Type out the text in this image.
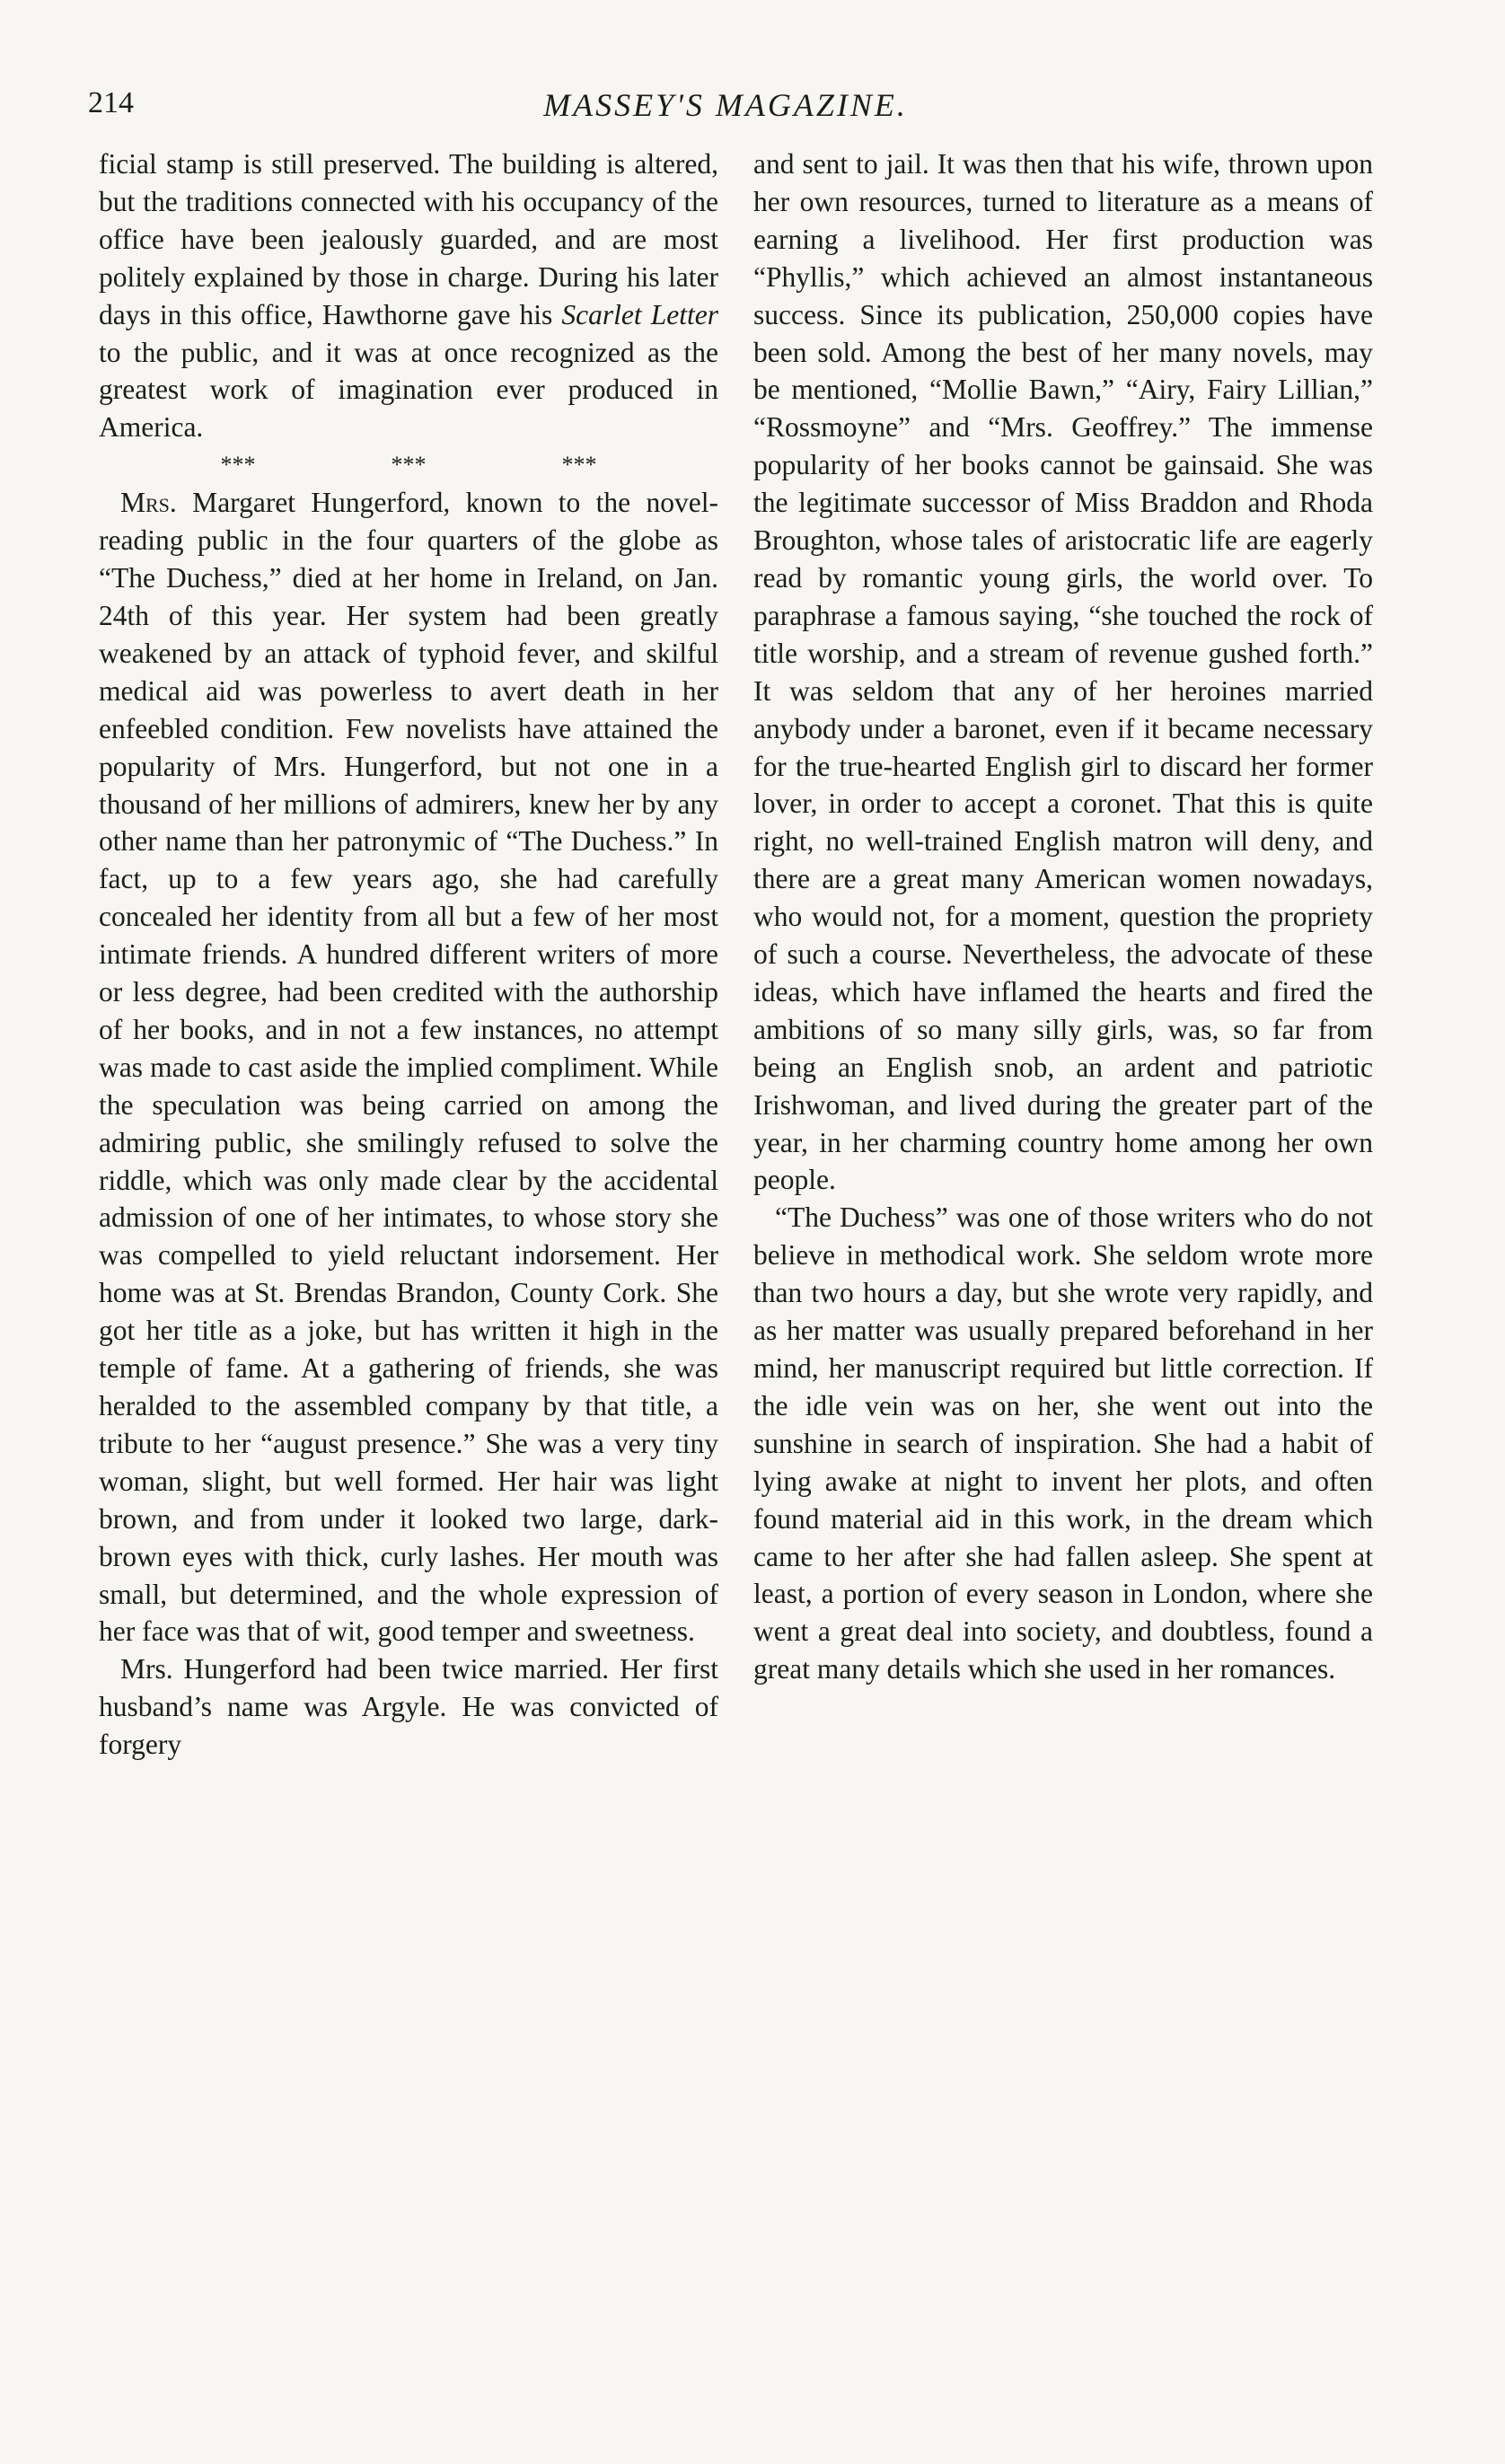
214	MASSEY'S MAGAZINE.

ficial stamp is still preserved. The building is altered, but the traditions connected with his occupancy of the office have been jealously guarded, and are most politely explained by those in charge. During his later days in this office, Hawthorne gave his Scarlet Letter to the public, and it was at once recognized as the greatest work of imagination ever produced in America.

***	***	***

Mrs. Margaret Hungerford, known to the novel-reading public in the four quarters of the globe as “The Duchess,” died at her home in Ireland, on Jan. 24th of this year. Her system had been greatly weakened by an attack of typhoid fever, and skilful medical aid was powerless to avert death in her enfeebled condition. Few novelists have attained the popularity of Mrs. Hungerford, but not one in a thousand of her millions of admirers, knew her by any other name than her patronymic of “The Duchess.” In fact, up to a few years ago, she had carefully concealed her identity from all but a few of her most intimate friends. A hundred different writers of more or less degree, had been credited with the authorship of her books, and in not a few instances, no attempt was made to cast aside the implied compliment. While the speculation was being carried on among the admiring public, she smilingly refused to solve the riddle, which was only made clear by the accidental admission of one of her intimates, to whose story she was compelled to yield reluctant indorsement. Her home was at St. Brendas Brandon, County Cork. She got her title as a joke, but has written it high in the temple of fame. At a gathering of friends, she was heralded to the assembled company by that title, a tribute to her “august presence.” She was a very tiny woman, slight, but well formed. Her hair was light brown, and from under it looked two large, dark-brown eyes with thick, curly lashes. Her mouth was small, but determined, and the whole expression of her face was that of wit, good temper and sweetness.

Mrs. Hungerford had been twice married. Her first husband’s name was Argyle. He was convicted of forgery

and sent to jail. It was then that his wife, thrown upon her own resources, turned to literature as a means of earning a livelihood. Her first production was “Phyllis,” which achieved an almost instantaneous success. Since its publication, 250,000 copies have been sold. Among the best of her many novels, may be mentioned, “Mollie Bawn,” “Airy, Fairy Lillian,” “Rossmoyne” and “Mrs. Geoffrey.” The immense popularity of her books cannot be gainsaid. She was the legitimate successor of Miss Braddon and Rhoda Broughton, whose tales of aristocratic life are eagerly read by romantic young girls, the world over. To paraphrase a famous saying, “she touched the rock of title worship, and a stream of revenue gushed forth.” It was seldom that any of her heroines married anybody under a baronet, even if it became necessary for the true-hearted English girl to discard her former lover, in order to accept a coronet. That this is quite right, no well-trained English matron will deny, and there are a great many American women nowadays, who would not, for a moment, question the propriety of such a course. Nevertheless, the advocate of these ideas, which have inflamed the hearts and fired the ambitions of so many silly girls, was, so far from being an English snob, an ardent and patriotic Irishwoman, and lived during the greater part of the year, in her charming country home among her own people.

“The Duchess” was one of those writers who do not believe in methodical work. She seldom wrote more than two hours a day, but she wrote very rapidly, and as her matter was usually prepared beforehand in her mind, her manuscript required but little correction. If the idle vein was on her, she went out into the sunshine in search of inspiration. She had a habit of lying awake at night to invent her plots, and often found material aid in this work, in the dream which came to her after she had fallen asleep. She spent at least, a portion of every season in London, where she went a great deal into society, and doubtless, found a great many details which she used in her romances.
